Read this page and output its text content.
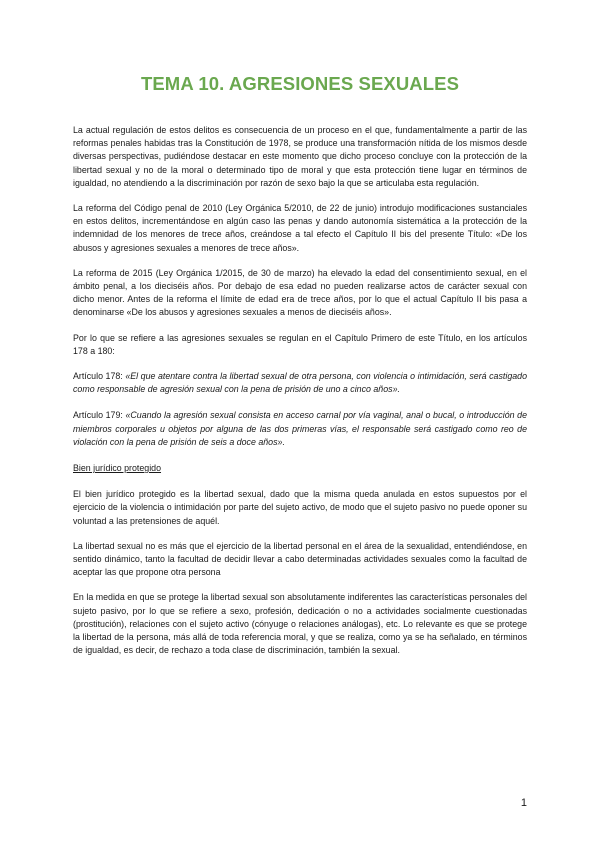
TEMA 10. AGRESIONES SEXUALES

La actual regulación de estos delitos es consecuencia de un proceso en el que, fundamentalmente a partir de las reformas penales habidas tras la Constitución de 1978, se produce una transformación nítida de los mismos desde diversas perspectivas, pudiéndose destacar en este momento que dicho proceso concluye con la protección de la libertad sexual y no de la moral o determinado tipo de moral y que esta protección tiene lugar en términos de igualdad, no atendiendo a la discriminación por razón de sexo bajo la que se articulaba esta regulación.

La reforma del Código penal de 2010 (Ley Orgánica 5/2010, de 22 de junio) introdujo modificaciones sustanciales en estos delitos, incrementándose en algún caso las penas y dando autonomía sistemática a la protección de la indemnidad de los menores de trece años, creándose a tal efecto el Capítulo II bis del presente Título: «De los abusos y agresiones sexuales a menores de trece años».

La reforma de 2015 (Ley Orgánica 1/2015, de 30 de marzo) ha elevado la edad del consentimiento sexual, en el ámbito penal, a los dieciséis años. Por debajo de esa edad no pueden realizarse actos de carácter sexual con dicho menor. Antes de la reforma el límite de edad era de trece años, por lo que el actual Capítulo II bis pasa a denominarse «De los abusos y agresiones sexuales a menos de dieciséis años».

Por lo que se refiere a las agresiones sexuales se regulan en el Capítulo Primero de este Título, en los artículos 178 a 180:

Artículo 178: «El que atentare contra la libertad sexual de otra persona, con violencia o intimidación, será castigado como responsable de agresión sexual con la pena de prisión de uno a cinco años».

Artículo 179: «Cuando la agresión sexual consista en acceso carnal por vía vaginal, anal o bucal, o introducción de miembros corporales u objetos por alguna de las dos primeras vías, el responsable será castigado como reo de violación con la pena de prisión de seis a doce años».

Bien jurídico protegido

El bien jurídico protegido es la libertad sexual, dado que la misma queda anulada en estos supuestos por el ejercicio de la violencia o intimidación por parte del sujeto activo, de modo que el sujeto pasivo no puede oponer su voluntad a las pretensiones de aquél.

La libertad sexual no es más que el ejercicio de la libertad personal en el área de la sexualidad, entendiéndose, en sentido dinámico, tanto la facultad de decidir llevar a cabo determinadas actividades sexuales como la facultad de aceptar las que propone otra persona

En la medida en que se protege la libertad sexual son absolutamente indiferentes las características personales del sujeto pasivo, por lo que se refiere a sexo, profesión, dedicación o no a actividades socialmente cuestionadas (prostitución), relaciones con el sujeto activo (cónyuge o relaciones análogas), etc. Lo relevante es que se protege la libertad de la persona, más allá de toda referencia moral, y que se realiza, como ya se ha señalado, en términos de igualdad, es decir, de rechazo a toda clase de discriminación, también la sexual.

1
